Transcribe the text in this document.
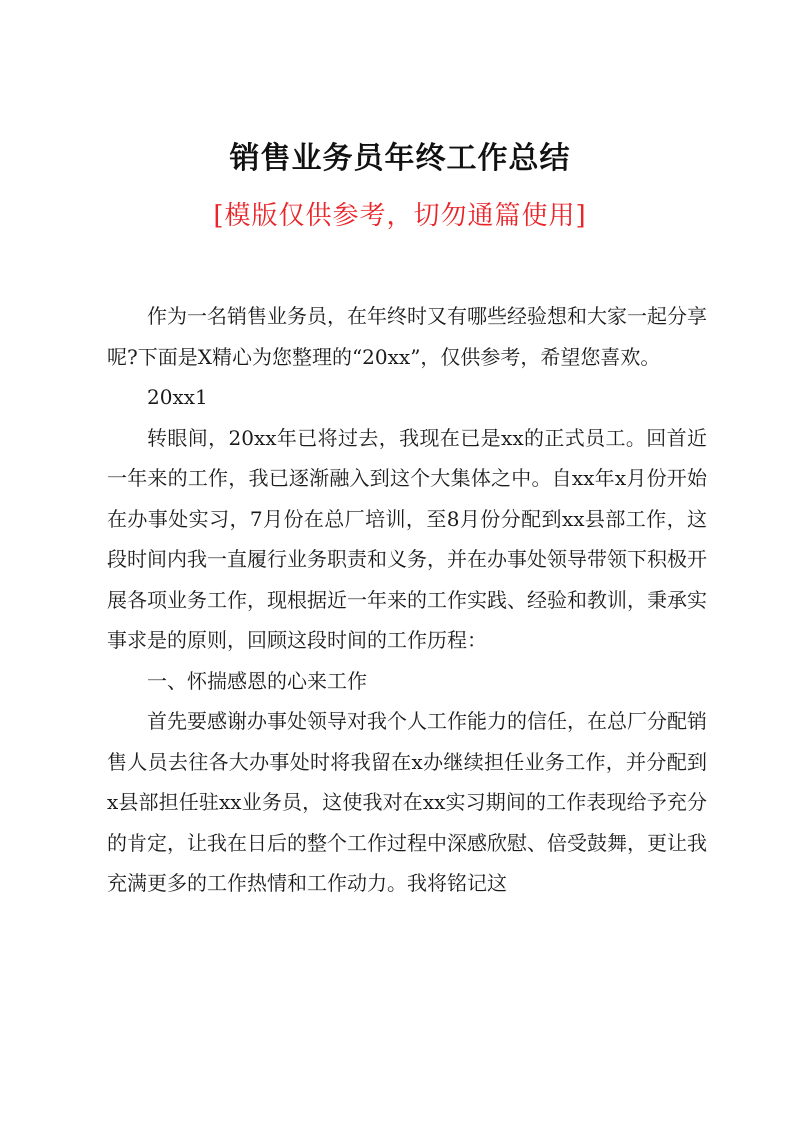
销售业务员年终工作总结
[模版仅供参考，切勿通篇使用]

作为一名销售业务员，在年终时又有哪些经验想和大家一起分享呢?下面是X精心为您整理的“20xx”，仅供参考，希望您喜欢。

20xx1

转眼间，20xx年已将过去，我现在已是xx的正式员工。回首近一年来的工作，我已逐渐融入到这个大集体之中。自xx年x月份开始在办事处实习，7月份在总厂培训，至8月份分配到xx县部工作，这段时间内我一直履行业务职责和义务，并在办事处领导带领下积极开展各项业务工作，现根据近一年来的工作实践、经验和教训，秉承实事求是的原则，回顾这段时间的工作历程：

一、怀揣感恩的心来工作

首先要感谢办事处领导对我个人工作能力的信任，在总厂分配销售人员去往各大办事处时将我留在x办继续担任业务工作，并分配到x县部担任驻xx业务员，这使我对在xx实习期间的工作表现给予充分的肯定，让我在日后的整个工作过程中深感欣慰、倍受鼓舞，更让我充满更多的工作热情和工作动力。我将铭记这
